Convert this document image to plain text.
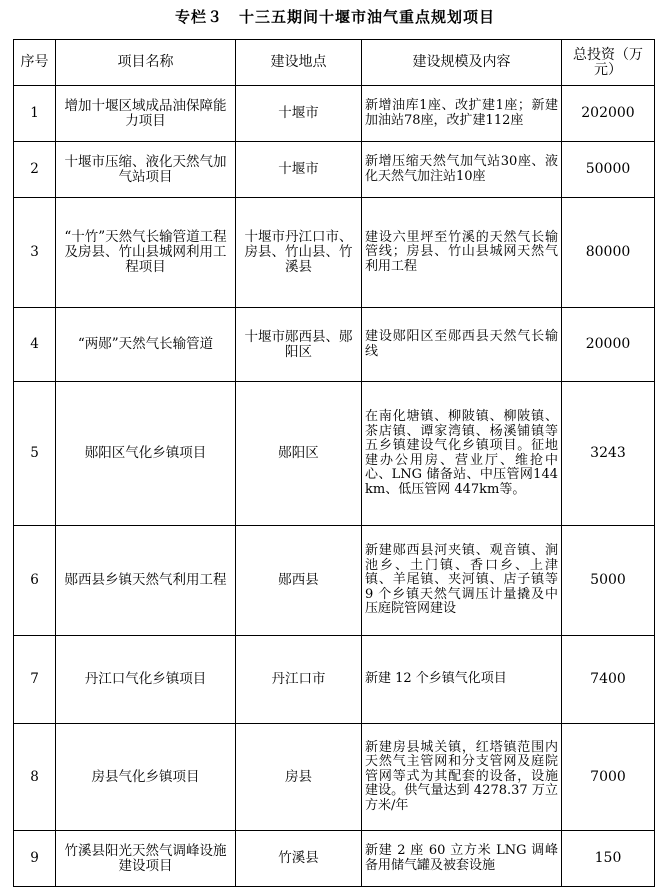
专栏３　十三五期间十堰市油气重点规划项目
序号	项目名称	建设地点	建设规模及内容	总投资（万元）
1	增加十堰区域成品油保障能力项目	十堰市	新增油库1座、改扩建1座；新建加油站78座，改扩建112座	202000
2	十堰市压缩、液化天然气加气站项目	十堰市	新增压缩天然气加气站30座、液化天然气加注站10座	50000
3	“十竹”天然气长输管道工程及房县、竹山县城网利用工程项目	十堰市丹江口市、房县、竹山县、竹溪县	建设六里坪至竹溪的天然气长输管线；房县、竹山县城网天然气利用工程	80000
4	“两郧”天然气长输管道	十堰市郧西县、郧阳区	建设郧阳区至郧西县天然气长输线	20000
5	郧阳区气化乡镇项目	郧阳区	在南化塘镇、柳陂镇、柳陂镇、茶店镇、谭家湾镇、杨溪铺镇等五乡镇建设气化乡镇项目。征地建办公用房、营业厅、维抢中心、LNG 储备站、中压管网144km、低压管网 447km等。	3243
6	郧西县乡镇天然气利用工程	郧西县	新建郧西县河夹镇、观音镇、涧池乡、土门镇、香口乡、上津镇、羊尾镇、夹河镇、店子镇等 9 个乡镇天然气调压计量撬及中压庭院管网建设	5000
7	丹江口气化乡镇项目	丹江口市	新建 12 个乡镇气化项目	7400
8	房县气化乡镇项目	房县	新建房县城关镇，红塔镇范围内天然气主管网和分支管网及庭院管网等式为其配套的设备，设施建设。供气量达到 4278.37 万立方米/年	7000
9	竹溪县阳光天然气调峰设施建设项目	竹溪县	新建 2 座 60 立方米 LNG 调峰备用储气罐及被套设施	150
